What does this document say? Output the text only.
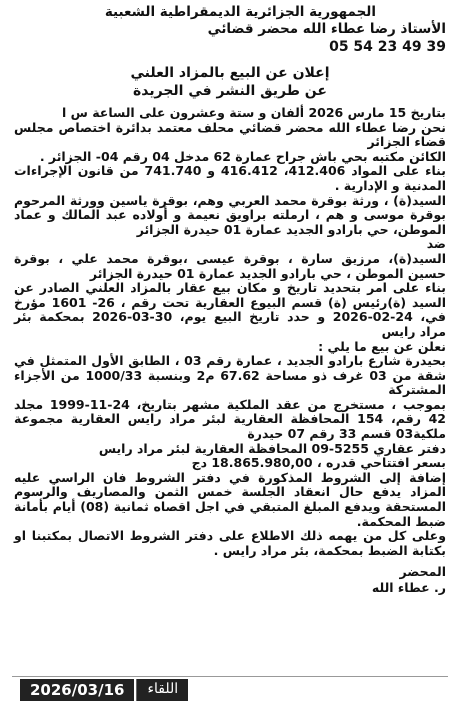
الجمهورية الجزائرية الديمقراطية الشعبية
الأستاذ رضا عطاء الله محضر قضائي
05 54 23 49 39
إعلان عن البيع بالمزاد العلني
عن طريق النشر في الجريدة

بتاريخ 15 مارس 2026 ألفان و ستة وعشرون على الساعة س ا

نحن رضا عطاء الله محضر قضائي محلف معتمد بدائرة اختصاص مجلس قضاء الجزائر

الكائن مكتبه بحي باش جراح عمارة 62 مدخل 04 رقم 04- الجزائر .

بناء على المواد 412.406، 416.412 و 741.740 من قانون الإجراءات المدنية و الإدارية .

السيد(ة) ، ورثة بوقرة محمد العربي وهم، بوقرة ياسين وورثة المرحوم بوقرة موسى و هم ، ارملته براويق نعيمة و أولاده عبد المالك و عماد الموطن، حي بارادو الجديد عمارة 01 حيدرة الجزائر

ضد

السيد(ة)، مرزيق سارة ، بوقرة عيسى ،بوقرة محمد علي ، بوقرة حسين الموطن ، حي بارادو الجديد عمارة 01 حيدرة الجزائر

بناء على امر بتحديد تاريخ و مكان بيع عقار بالمزاد العلني الصادر عن السيد (ة)رئيس (ة) قسم البيوع العقارية تحت رقم ، 26- 1601 مؤرخ في، 24-02-2026 و حدد تاريخ البيع يوم، 30-03-2026 بمحكمة بئر مراد رايس

نعلن عن بيع ما يلي :

بحيدرة شارع بارادو الجديد ، عمارة رقم 03 ، الطابق الأول المتمثل في شقة من 03 غرف ذو مساحة 67.62 م2 وبنسبة 1000/33 من الأجزاء المشتركة

بموجب ، مستخرج من عقد الملكية مشهر بتاريخ، 24-11-1999 مجلد 42 رقم، 154 المحافظة العقارية لبئر مراد رايس العقارية مجموعة ملكية03 قسم 33 رقم 07 حيدرة

دفتر عقاري 5255-09 المحافظة العقارية لبئر مراد رايس

بسعر افتتاحي قدره ، 18.865.980,00 دج

إضافة إلى الشروط المذكورة في دفتر الشروط فان الراسي عليه المزاد يدفع حال انعقاد الجلسة خمس الثمن والمصاريف والرسوم المستحقة ويدفع المبلغ المتبقي في اجل اقصاه ثمانية (08) أيام بأمانة ضبط المحكمة.

وعلى كل من يهمه ذلك الاطلاع على دفتر الشروط الاتصال بمكتبنا او بكتابة الضبط بمحكمة، بئر مراد رايس .

المحضر
ر. عطاء الله
2026/03/16	اللقاء
